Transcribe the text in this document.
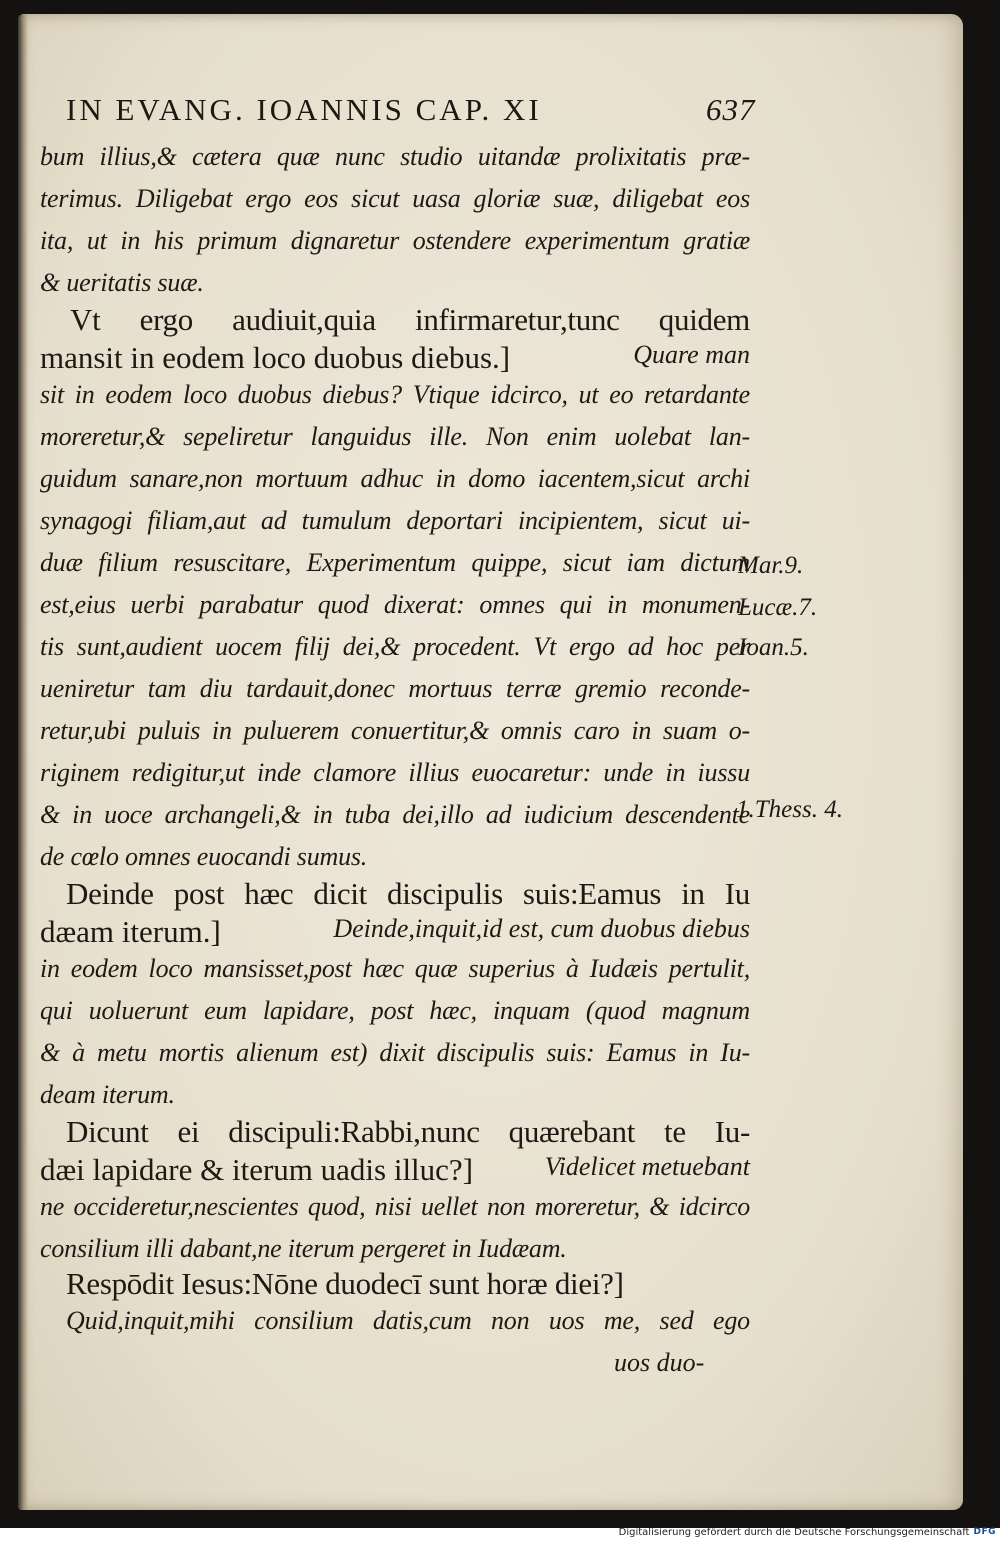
IN EVANG. IOANNIS CAP. XI	637
bum illius,& cætera quæ nunc studio uitandæ prolixitatis præ-
terimus. Diligebat ergo eos sicut uasa gloriæ suæ, diligebat eos
ita, ut in his primum dignaretur ostendere experimentum gratiæ
& ueritatis suæ.
Vt ergo audiuit,quia infirmaretur,tunc quidem
mansit in eodem loco duobus diebus.]	Quare man
sit in eodem loco duobus diebus? Vtique idcirco, ut eo retardante
moreretur,& sepeliretur languidus ille. Non enim uolebat lan-
guidum sanare,non mortuum adhuc in domo iacentem,sicut archi
synagogi filiam,aut ad tumulum deportari incipientem, sicut ui-
duæ filium resuscitare, Experimentum quippe, sicut iam dictum
est,eius uerbi parabatur quod dixerat: omnes qui in monumen-
tis sunt,audient uocem filij dei,& procedent. Vt ergo ad hoc per
ueniretur tam diu tardauit,donec mortuus terræ gremio reconde-
retur,ubi puluis in puluerem conuertitur,& omnis caro in suam o-
riginem redigitur,ut inde clamore illius euocaretur: unde in iussu
& in uoce archangeli,& in tuba dei,illo ad iudicium descendente
de cœlo omnes euocandi sumus.
Deinde post hæc dicit discipulis suis:Eamus in Iu
dæam iterum.]	Deinde,inquit,id est, cum duobus diebus
in eodem loco mansisset,post hæc quæ superius à Iudæis pertulit,
qui uoluerunt eum lapidare, post hæc, inquam (quod magnum
& à metu mortis alienum est) dixit discipulis suis: Eamus in Iu-
deam iterum.
Dicunt ei discipuli:Rabbi,nunc quærebant te Iu-
dæi lapidare & iterum uadis illuc?]	Videlicet metuebant
ne occideretur,nescientes quod, nisi uellet non moreretur, & idcirco
consilium illi dabant,ne iterum pergeret in Iudæam.
Respōdit Iesus:Nōne duodecī sunt horæ diei?]
Quid,inquit,mihi consilium datis,cum non uos me, sed ego
uos duo-
Mar.9.
Lucæ.7.
Ioan.5.
1.Thess. 4.
Digitalisierung gefördert durch die Deutsche Forschungsgemeinschaft DFG
